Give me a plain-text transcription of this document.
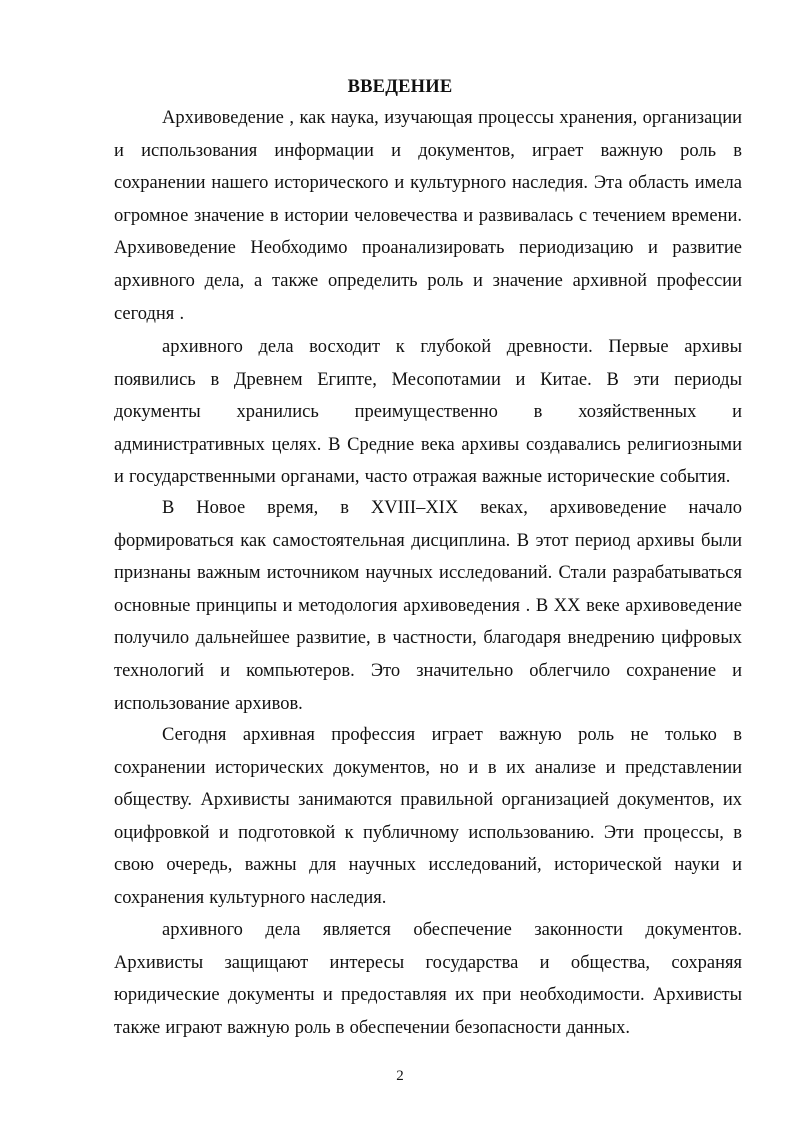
ВВЕДЕНИЕ

Архивоведение , как наука, изучающая процессы хранения, организации и использования информации и документов, играет важную роль в сохранении нашего исторического и культурного наследия. Эта область имела огромное значение в истории человечества и развивалась с течением времени. Архивоведение Необходимо проанализировать периодизацию и развитие архивного дела, а также определить роль и значение архивной профессии сегодня .

архивного дела восходит к глубокой древности. Первые архивы появились в Древнем Египте, Месопотамии и Китае. В эти периоды документы хранились преимущественно в хозяйственных и административных целях. В Средние века архивы создавались религиозными и государственными органами, часто отражая важные исторические события.

В Новое время, в XVIII–XIX веках, архивоведение начало формироваться как самостоятельная дисциплина. В этот период архивы были признаны важным источником научных исследований. Стали разрабатываться основные принципы и методология архивоведения . В XX веке архивоведение получило дальнейшее развитие, в частности, благодаря внедрению цифровых технологий и компьютеров. Это значительно облегчило сохранение и использование архивов.

Сегодня архивная профессия играет важную роль не только в сохранении исторических документов, но и в их анализе и представлении обществу. Архивисты занимаются правильной организацией документов, их оцифровкой и подготовкой к публичному использованию. Эти процессы, в свою очередь, важны для научных исследований, исторической науки и сохранения культурного наследия.

архивного дела является обеспечение законности документов. Архивисты защищают интересы государства и общества, сохраняя юридические документы и предоставляя их при необходимости. Архивисты также играют важную роль в обеспечении безопасности данных.

2
